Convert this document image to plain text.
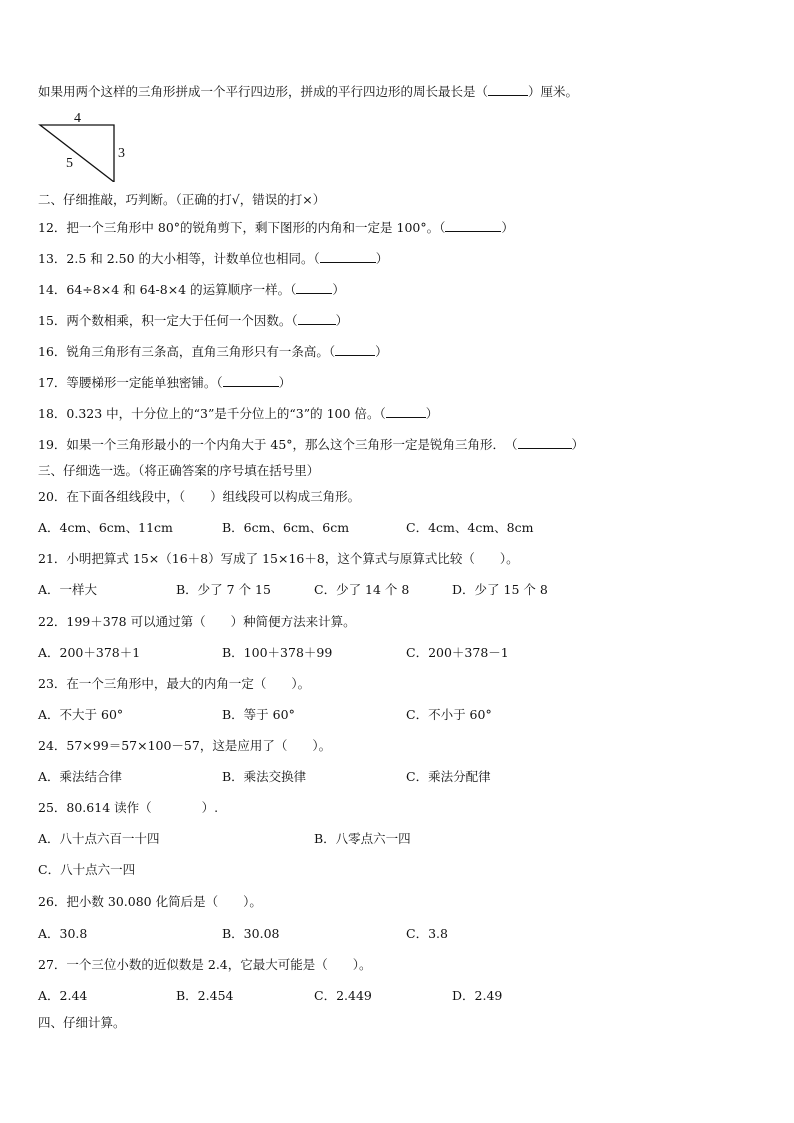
如果用两个这样的三角形拼成一个平行四边形，拼成的平行四边形的周长最长是（	）厘米。
4
3
5
二、仔细推敲，巧判断。（正确的打√，错误的打×）
12．把一个三角形中 80°的锐角剪下，剩下图形的内角和一定是 100°。（	）
13．2.5 和 2.50 的大小相等，计数单位也相同。（	）
14．64÷8×4 和 64-8×4 的运算顺序一样。（	）
15．两个数相乘，积一定大于任何一个因数。（	）
16．锐角三角形有三条高，直角三角形只有一条高。（	）
17．等腰梯形一定能单独密铺。（	）
18．0.323 中，十分位上的“3”是千分位上的“3”的 100 倍。（	）
19．如果一个三角形最小的一个内角大于 45°，那么这个三角形一定是锐角三角形．　（	）
三、仔细选一选。（将正确答案的序号填在括号里）
20．在下面各组线段中，（　　）组线段可以构成三角形。
A．4cm、6cm、11cm	B．6cm、6cm、6cm	C．4cm、4cm、8cm
21．小明把算式 15×（16＋8）写成了 15×16＋8，这个算式与原算式比较（　　）。
A．一样大	B．少了 7 个 15	C．少了 14 个 8	D．少了 15 个 8
22．199＋378 可以通过第（　　）种简便方法来计算。
A．200＋378＋1	B．100＋378＋99	C．200＋378－1
23．在一个三角形中，最大的内角一定（　　）。
A．不大于 60°	B．等于 60°	C．不小于 60°
24．57×99＝57×100－57，这是应用了（　　）。
A．乘法结合律	B．乘法交换律	C．乘法分配律
25．80.614 读作（　　　　）.
A．八十点六百一十四	B．八零点六一四
C．八十点六一四
26．把小数 30.080 化简后是（　　）。
A．30.8	B．30.08	C．3.8
27．一个三位小数的近似数是 2.4，它最大可能是（　　）。
A．2.44	B．2.454	C．2.449	D．2.49
四、仔细计算。
